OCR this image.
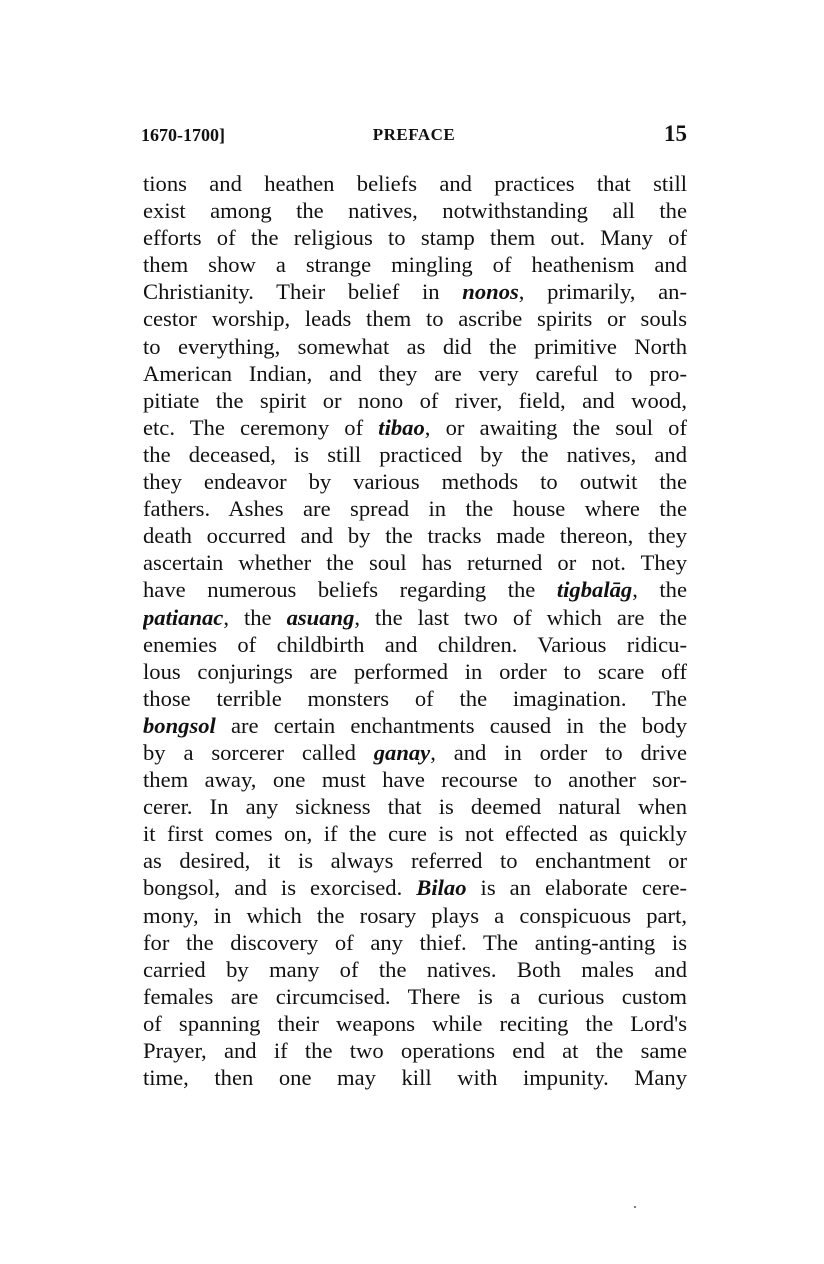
1670-1700]	PREFACE	15
tions and heathen beliefs and practices that still
exist among the natives, notwithstanding all the
efforts of the religious to stamp them out. Many of
them show a strange mingling of heathenism and
Christianity. Their belief in nonos, primarily, an-
cestor worship, leads them to ascribe spirits or souls
to everything, somewhat as did the primitive North
American Indian, and they are very careful to pro-
pitiate the spirit or nono of river, field, and wood,
etc. The ceremony of tibao, or awaiting the soul of
the deceased, is still practiced by the natives, and
they endeavor by various methods to outwit the
fathers. Ashes are spread in the house where the
death occurred and by the tracks made thereon, they
ascertain whether the soul has returned or not. They
have numerous beliefs regarding the tigbalāg, the
patianac, the asuang, the last two of which are the
enemies of childbirth and children. Various ridicu-
lous conjurings are performed in order to scare off
those terrible monsters of the imagination. The
bongsol are certain enchantments caused in the body
by a sorcerer called ganay, and in order to drive
them away, one must have recourse to another sor-
cerer. In any sickness that is deemed natural when
it first comes on, if the cure is not effected as quickly
as desired, it is always referred to enchantment or
bongsol, and is exorcised. Bilao is an elaborate cere-
mony, in which the rosary plays a conspicuous part,
for the discovery of any thief. The anting-anting is
carried by many of the natives. Both males and
females are circumcised. There is a curious custom
of spanning their weapons while reciting the Lord's
Prayer, and if the two operations end at the same
time, then one may kill with impunity. Many
